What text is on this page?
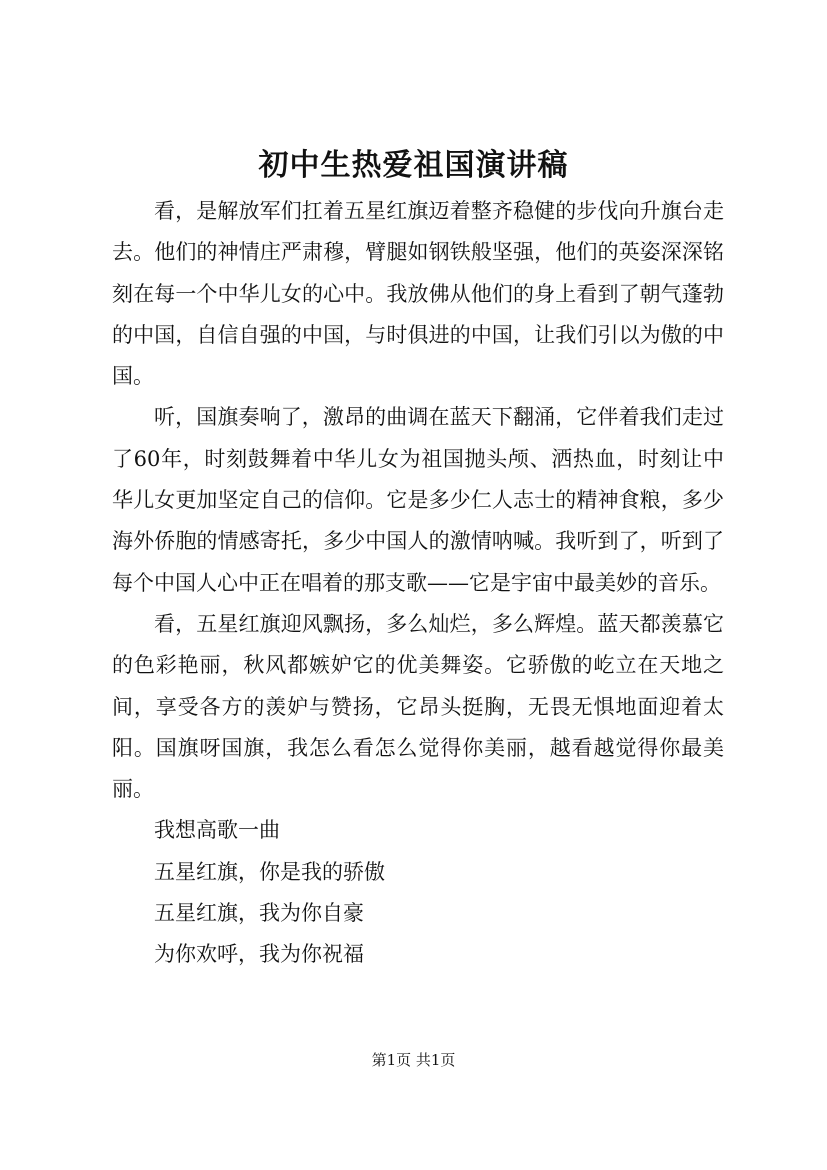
初中生热爱祖国演讲稿

看，是解放军们扛着五星红旗迈着整齐稳健的步伐向升旗台走去。他们的神情庄严肃穆，臂腿如钢铁般坚强，他们的英姿深深铭刻在每一个中华儿女的心中。我放佛从他们的身上看到了朝气蓬勃的中国，自信自强的中国，与时俱进的中国，让我们引以为傲的中国。

听，国旗奏响了，激昂的曲调在蓝天下翻涌，它伴着我们走过了60年，时刻鼓舞着中华儿女为祖国抛头颅、洒热血，时刻让中华儿女更加坚定自己的信仰。它是多少仁人志士的精神食粮，多少海外侨胞的情感寄托，多少中国人的激情呐喊。我听到了，听到了每个中国人心中正在唱着的那支歌——它是宇宙中最美妙的音乐。

看，五星红旗迎风飘扬，多么灿烂，多么辉煌。蓝天都羡慕它的色彩艳丽，秋风都嫉妒它的优美舞姿。它骄傲的屹立在天地之间，享受各方的羡妒与赞扬，它昂头挺胸，无畏无惧地面迎着太阳。国旗呀国旗，我怎么看怎么觉得你美丽，越看越觉得你最美丽。

我想高歌一曲

五星红旗，你是我的骄傲

五星红旗，我为你自豪

为你欢呼，我为你祝福

第1页 共1页
